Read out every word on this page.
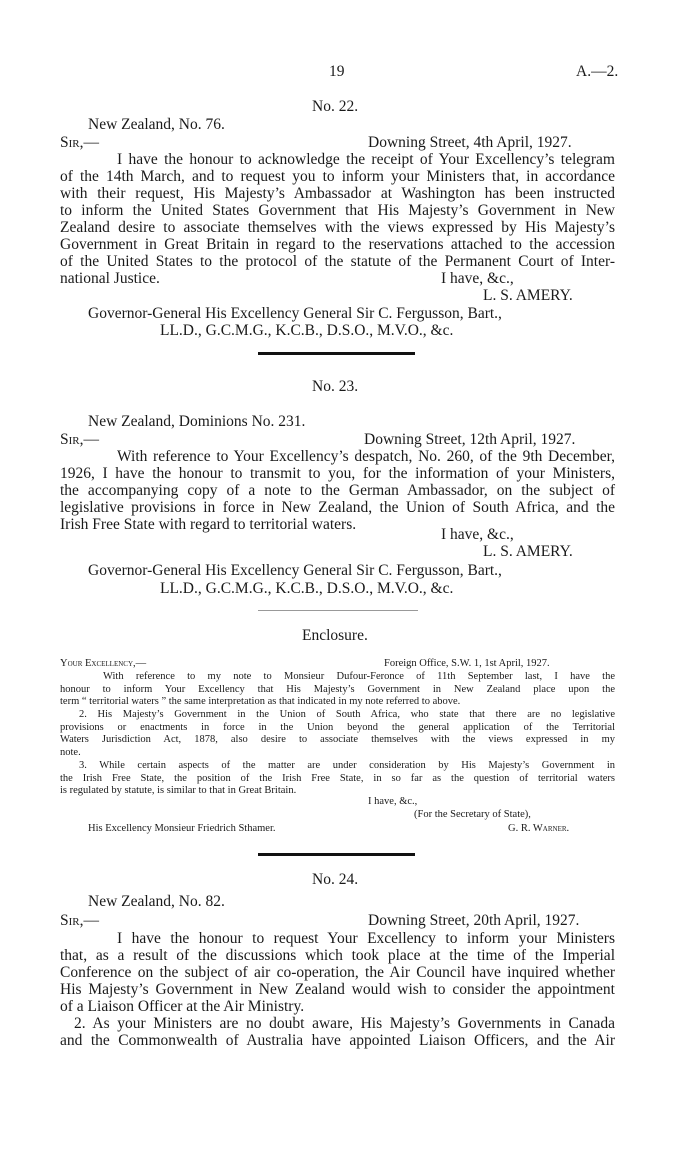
19	A.—2.
No. 22.
New Zealand, No. 76.
Sir,—	Downing Street, 4th April, 1927.
I have the honour to acknowledge the receipt of Your Excellency’s telegram
of the 14th March, and to request you to inform your Ministers that, in accordance
with their request, His Majesty’s Ambassador at Washington has been instructed
to inform the United States Government that His Majesty’s Government in New
Zealand desire to associate themselves with the views expressed by His Majesty’s
Government in Great Britain in regard to the reservations attached to the accession
of the United States to the protocol of the statute of the Permanent Court of Inter-
national Justice.	I have, &c.,
L. S. AMERY.
Governor-General His Excellency General Sir C. Fergusson, Bart.,
LL.D., G.C.M.G., K.C.B., D.S.O., M.V.O., &c.
No. 23.
New Zealand, Dominions No. 231.
Sir,—	Downing Street, 12th April, 1927.
With reference to Your Excellency’s despatch, No. 260, of the 9th December,
1926, I have the honour to transmit to you, for the information of your Ministers,
the accompanying copy of a note to the German Ambassador, on the subject of
legislative provisions in force in New Zealand, the Union of South Africa, and the
Irish Free State with regard to territorial waters.
I have, &c.,
L. S. AMERY.
Governor-General His Excellency General Sir C. Fergusson, Bart.,
LL.D., G.C.M.G., K.C.B., D.S.O., M.V.O., &c.
Enclosure.
Your Excellency,—	Foreign Office, S.W. 1, 1st April, 1927.
With reference to my note to Monsieur Dufour-Feronce of 11th September last, I have the
honour to inform Your Excellency that His Majesty’s Government in New Zealand place upon the
term “ territorial waters ” the same interpretation as that indicated in my note referred to above.
2. His Majesty’s Government in the Union of South Africa, who state that there are no legislative
provisions or enactments in force in the Union beyond the general application of the Territorial
Waters Jurisdiction Act, 1878, also desire to associate themselves with the views expressed in my
note.
3. While certain aspects of the matter are under consideration by His Majesty’s Government in
the Irish Free State, the position of the Irish Free State, in so far as the question of territorial waters
is regulated by statute, is similar to that in Great Britain.
I have, &c.,
(For the Secretary of State),
His Excellency Monsieur Friedrich Sthamer.	G. R. Warner.
No. 24.
New Zealand, No. 82.
Sir,—	Downing Street, 20th April, 1927.
I have the honour to request Your Excellency to inform your Ministers
that, as a result of the discussions which took place at the time of the Imperial
Conference on the subject of air co-operation, the Air Council have inquired whether
His Majesty’s Government in New Zealand would wish to consider the appointment
of a Liaison Officer at the Air Ministry.
2. As your Ministers are no doubt aware, His Majesty’s Governments in Canada
and the Commonwealth of Australia have appointed Liaison Officers, and the Air
